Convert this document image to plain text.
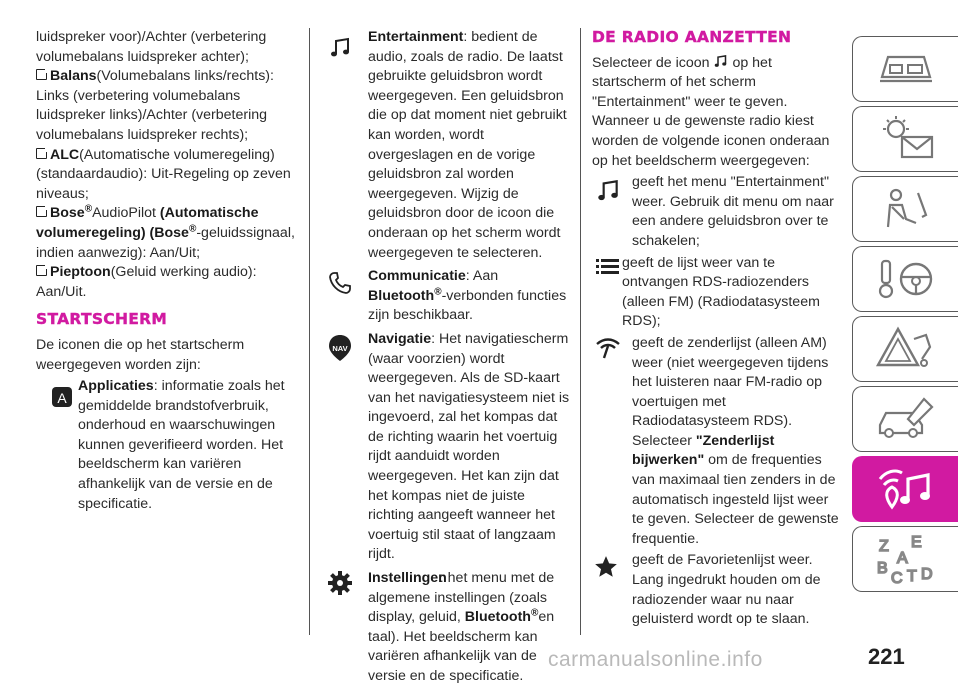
luidspreker voor)/Achter (verbetering

volumebalans luidspreker achter);

Balans(Volumebalans links/rechts): Links (verbetering volumebalans luidspreker links)/Achter (verbetering volumebalans luidspreker rechts);

ALC(Automatische volumeregeling) (standaardaudio): Uit-Regeling op zeven niveaus;

Bose®AudioPilot (Automatische volumeregeling) (Bose®-geluidssignaal, indien aanwezig): Aan/Uit;

Pieptoon(Geluid werking audio): Aan/Uit.

STARTSCHERM

De iconen die op het startscherm weergegeven worden zijn:

A

Applicaties: informatie zoals het gemiddelde brandstofverbruik, onderhoud en waarschuwingen kunnen geverifieerd worden. Het beeldscherm kan variëren afhankelijk van de versie en de specificatie.

Entertainment: bedient de audio, zoals de radio. De laatst gebruikte geluidsbron wordt weergegeven. Een geluidsbron die op dat moment niet gebruikt kan worden, wordt overgeslagen en de vorige geluidsbron zal worden weergegeven. Wijzig de geluidsbron door de icoon die onderaan op het scherm wordt weergegeven te selecteren.

Communicatie: Aan
Bluetooth®-verbonden functies zijn beschikbaar.

NAV

Navigatie: Het navigatiescherm (waar voorzien) wordt weergegeven. Als de SD-kaart van het navigatiesysteem niet is ingevoerd, zal het kompas dat de richting waarin het voertuig rijdt aanduidt worden weergegeven. Het kan zijn dat het kompas niet de juiste richting aangeeft wanneer het voertuig stil staat of langzaam rijdt.

Instellingen

: het menu met de algemene instellingen (zoals display, geluid, Bluetooth®en taal). Het beeldscherm kan variëren afhankelijk van de versie en de specificatie.

DE RADIO AANZETTEN

Selecteer de icoon op het startscherm of het scherm "Entertainment" weer te geven. Wanneer u de gewenste radio kiest worden de volgende iconen onderaan op het beeldscherm weergegeven:

geeft het menu "Entertainment" weer. Gebruik dit menu om naar een andere geluidsbron over te schakelen;

geeft de lijst weer van te ontvangen RDS-radiozenders (alleen FM) (Radiodatasysteem RDS);

geeft de zenderlijst (alleen AM) weer (niet weergegeven tijdens het luisteren naar FM-radio op voertuigen met Radiodatasysteem RDS). Selecteer "Zenderlijst bijwerken" om de frequenties van maximaal tien zenders in de automatisch ingesteld lijst weer te geven. Selecteer de gewenste frequentie.

geeft de Favorietenlijst weer. Lang ingedrukt houden om de radiozender waar nu naar geluisterd wordt op te slaan.

Z E
A
B
C T D
carmanualsonline.info	221
